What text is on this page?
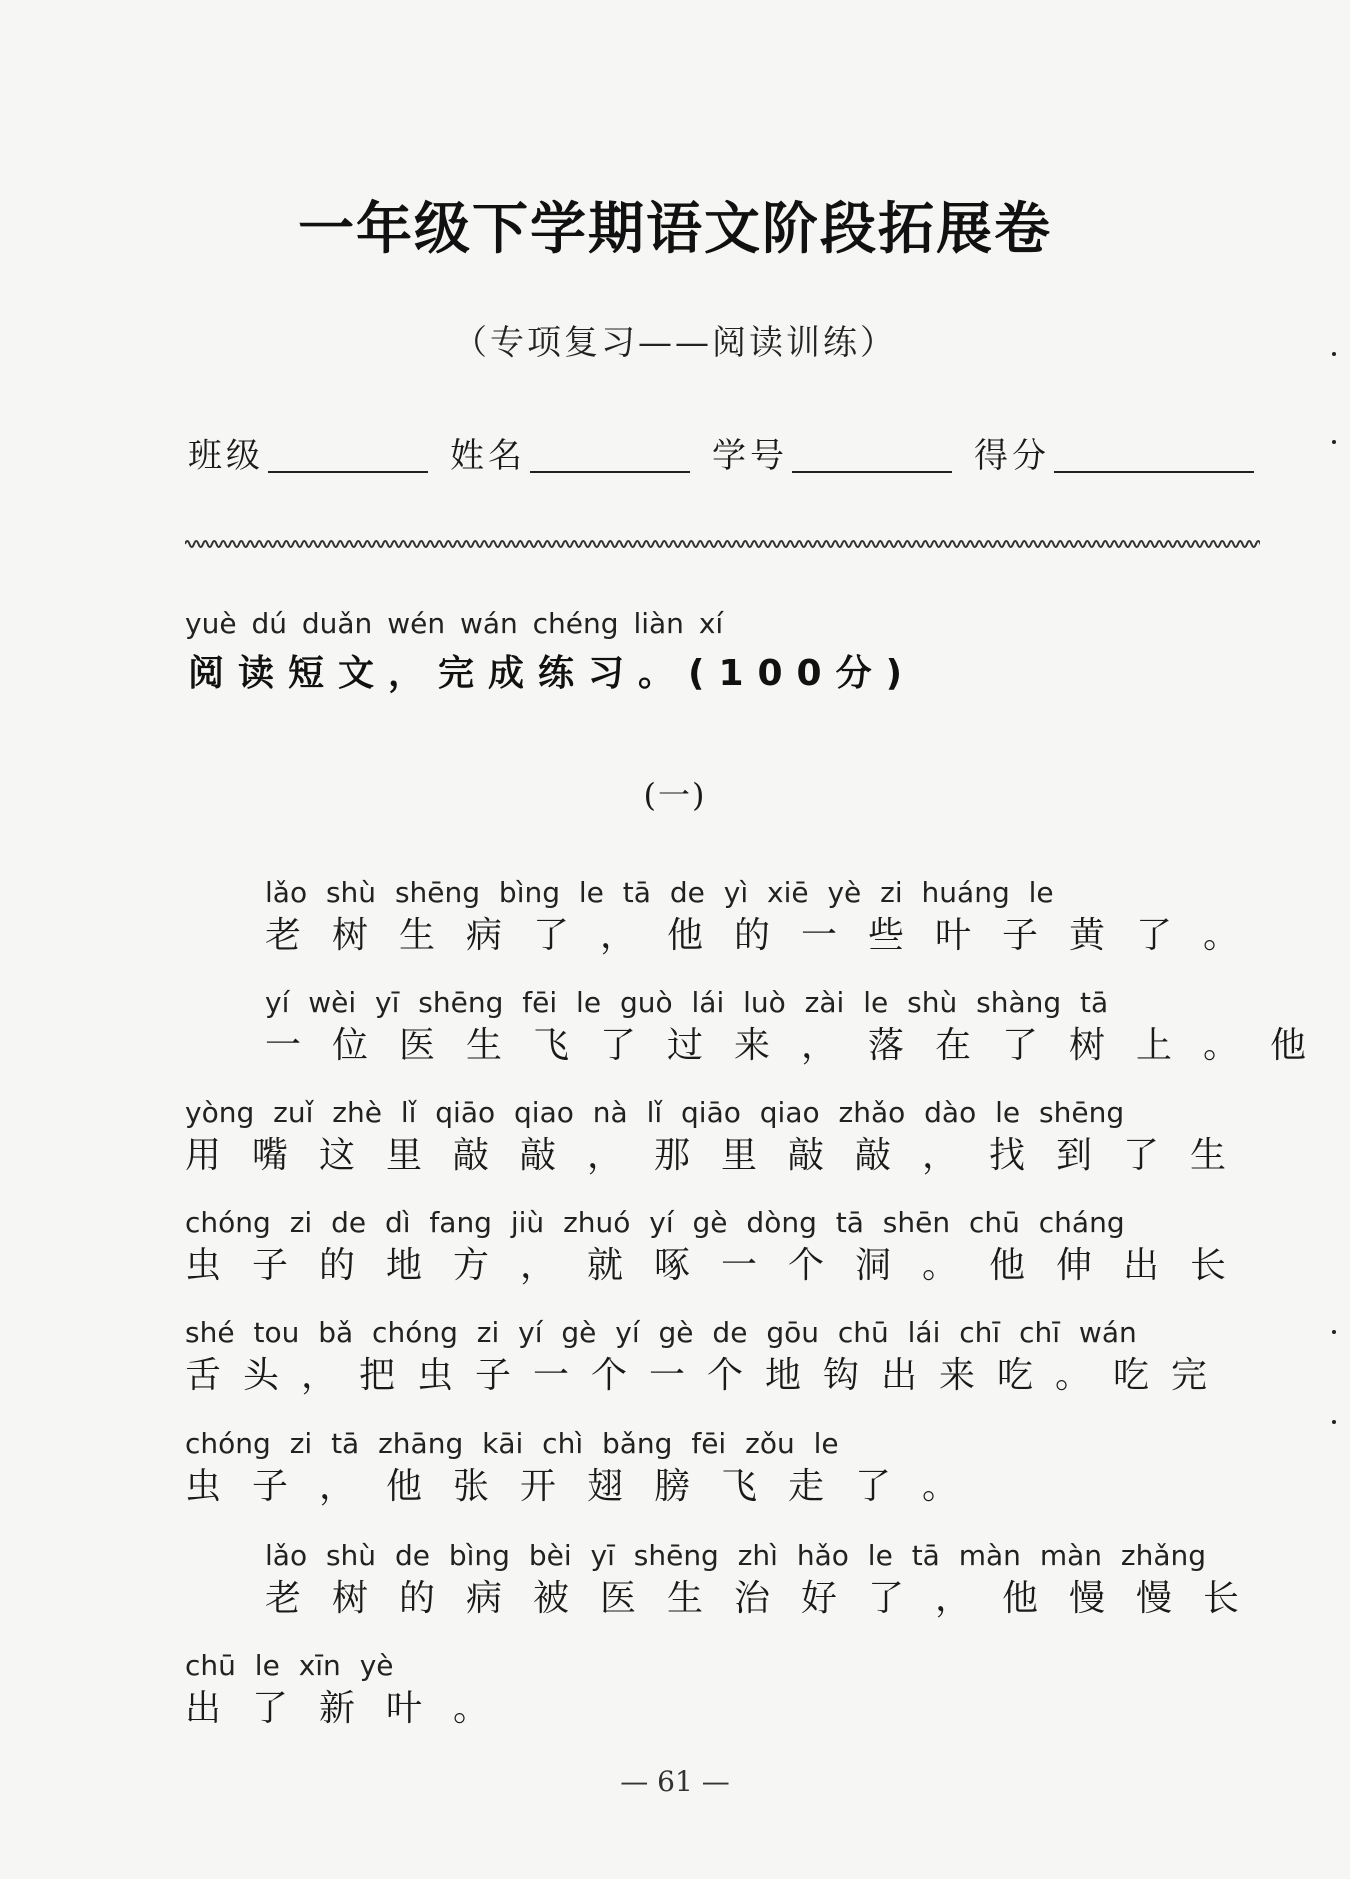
一年级下学期语文阶段拓展卷
（专项复习——阅读训练）
班级	姓名	学号	得分
yuè dú duǎn wén wán chéng liàn xí
阅读短文，完成练习。(100分)
(一)
lǎo shù shēng bìng le tā de yì xiē yè zi huáng le
老树生病了，他的一些叶子黄了。
yí wèi yī shēng fēi le guò lái luò zài le shù shàng tā
一位医生飞了过来，落在了树上。他
yòng zuǐ zhè lǐ qiāo qiao nà lǐ qiāo qiao zhǎo dào le shēng
用嘴这里敲敲，那里敲敲，找到了生
chóng zi de dì fang jiù zhuó yí gè dòng tā shēn chū cháng
虫子的地方，就啄一个洞。他伸出长
shé tou bǎ chóng zi yí gè yí gè de gōu chū lái chī chī wán
舌头，把虫子一个一个地钩出来吃。吃完
chóng zi tā zhāng kāi chì bǎng fēi zǒu le
虫子，他张开翅膀飞走了。
lǎo shù de bìng bèi yī shēng zhì hǎo le tā màn màn zhǎng
老树的病被医生治好了，他慢慢长
chū le xīn yè
出了新叶。
— 61 —
